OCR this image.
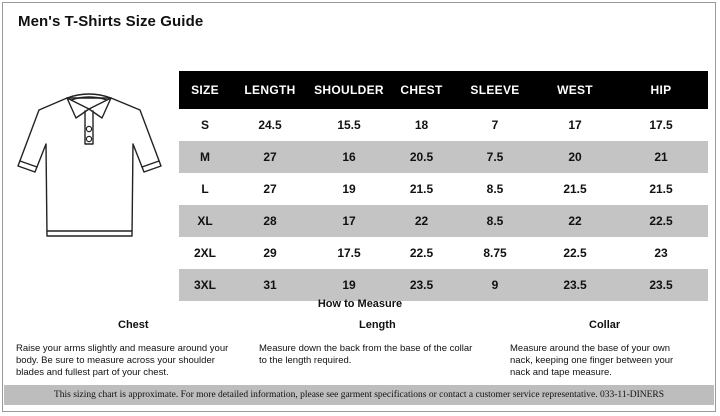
Men's T-Shirts Size Guide
SIZE	LENGTH	SHOULDER	CHEST	SLEEVE	WEST	HIP
S	24.5	15.5	18	7	17	17.5
M	27	16	20.5	7.5	20	21
L	27	19	21.5	8.5	21.5	21.5
XL	28	17	22	8.5	22	22.5
2XL	29	17.5	22.5	8.75	22.5	23
3XL	31	19	23.5	9	23.5	23.5
How to Measure
Chest
Raise your arms slightly and measure around your
body. Be sure to measure across your shoulder
blades and fullest part of your chest.
Length
Measure down the back from the base of the collar
to the length required.
Collar
Measure around the base of your own
nack, keeping one finger between your
nack and tape measure.
This sizing chart is approximate. For more detailed information, please see garment specifications or contact a customer service representative. 033-11-DINERS
